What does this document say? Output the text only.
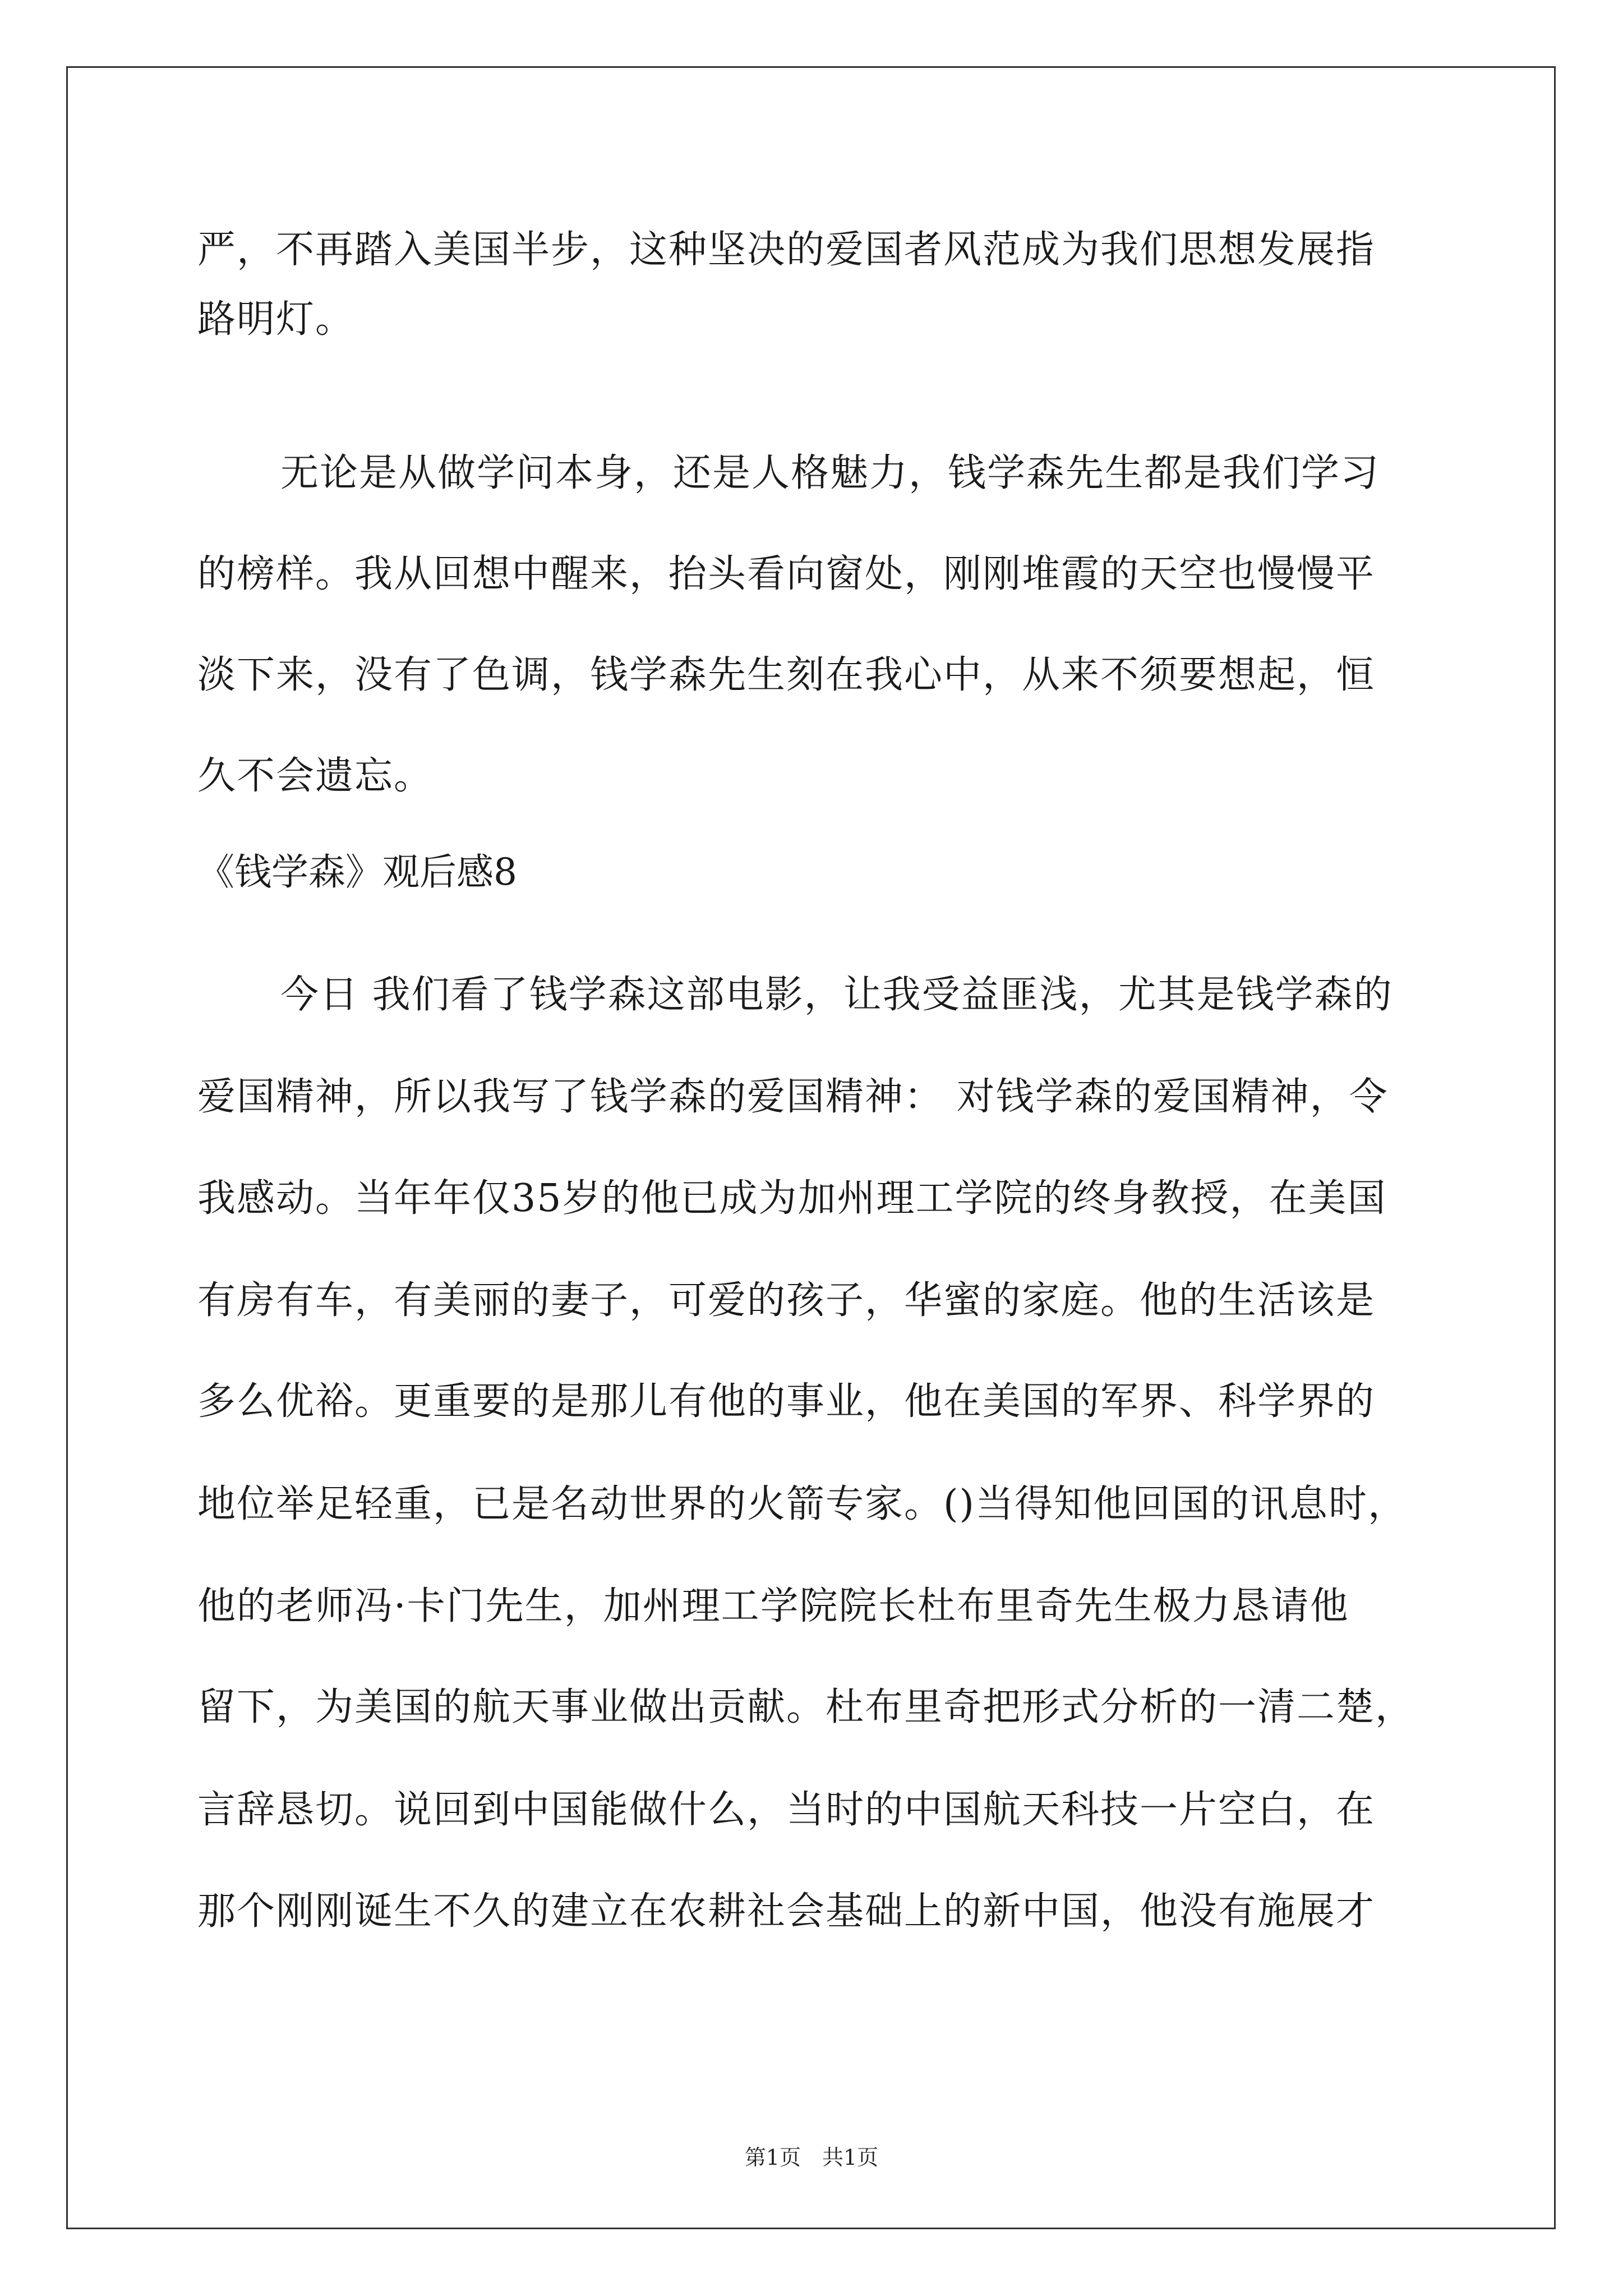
严，不再踏入美国半步，这种坚决的爱国者风范成为我们思想发展指
路明灯。
无论是从做学问本身，还是人格魅力，钱学森先生都是我们学习
的榜样。我从回想中醒来，抬头看向窗处，刚刚堆霞的天空也慢慢平
淡下来，没有了色调，钱学森先生刻在我心中，从来不须要想起，恒
久不会遗忘。
《钱学森》观后感8
今日 我们看了钱学森这部电影，让我受益匪浅，尤其是钱学森的
爱国精神，所以我写了钱学森的爱国精神： 对钱学森的爱国精神，令
我感动。当年年仅35岁的他已成为加州理工学院的终身教授，在美国
有房有车，有美丽的妻子，可爱的孩子，华蜜的家庭。他的生活该是
多么优裕。更重要的是那儿有他的事业，他在美国的军界、科学界的
地位举足轻重，已是名动世界的火箭专家。()当得知他回国的讯息时，
他的老师冯·卡门先生，加州理工学院院长杜布里奇先生极力恳请他
留下，为美国的航天事业做出贡献。杜布里奇把形式分析的一清二楚，
言辞恳切。说回到中国能做什么，当时的中国航天科技一片空白，在
那个刚刚诞生不久的建立在农耕社会基础上的新中国，他没有施展才
第1页　共1页
